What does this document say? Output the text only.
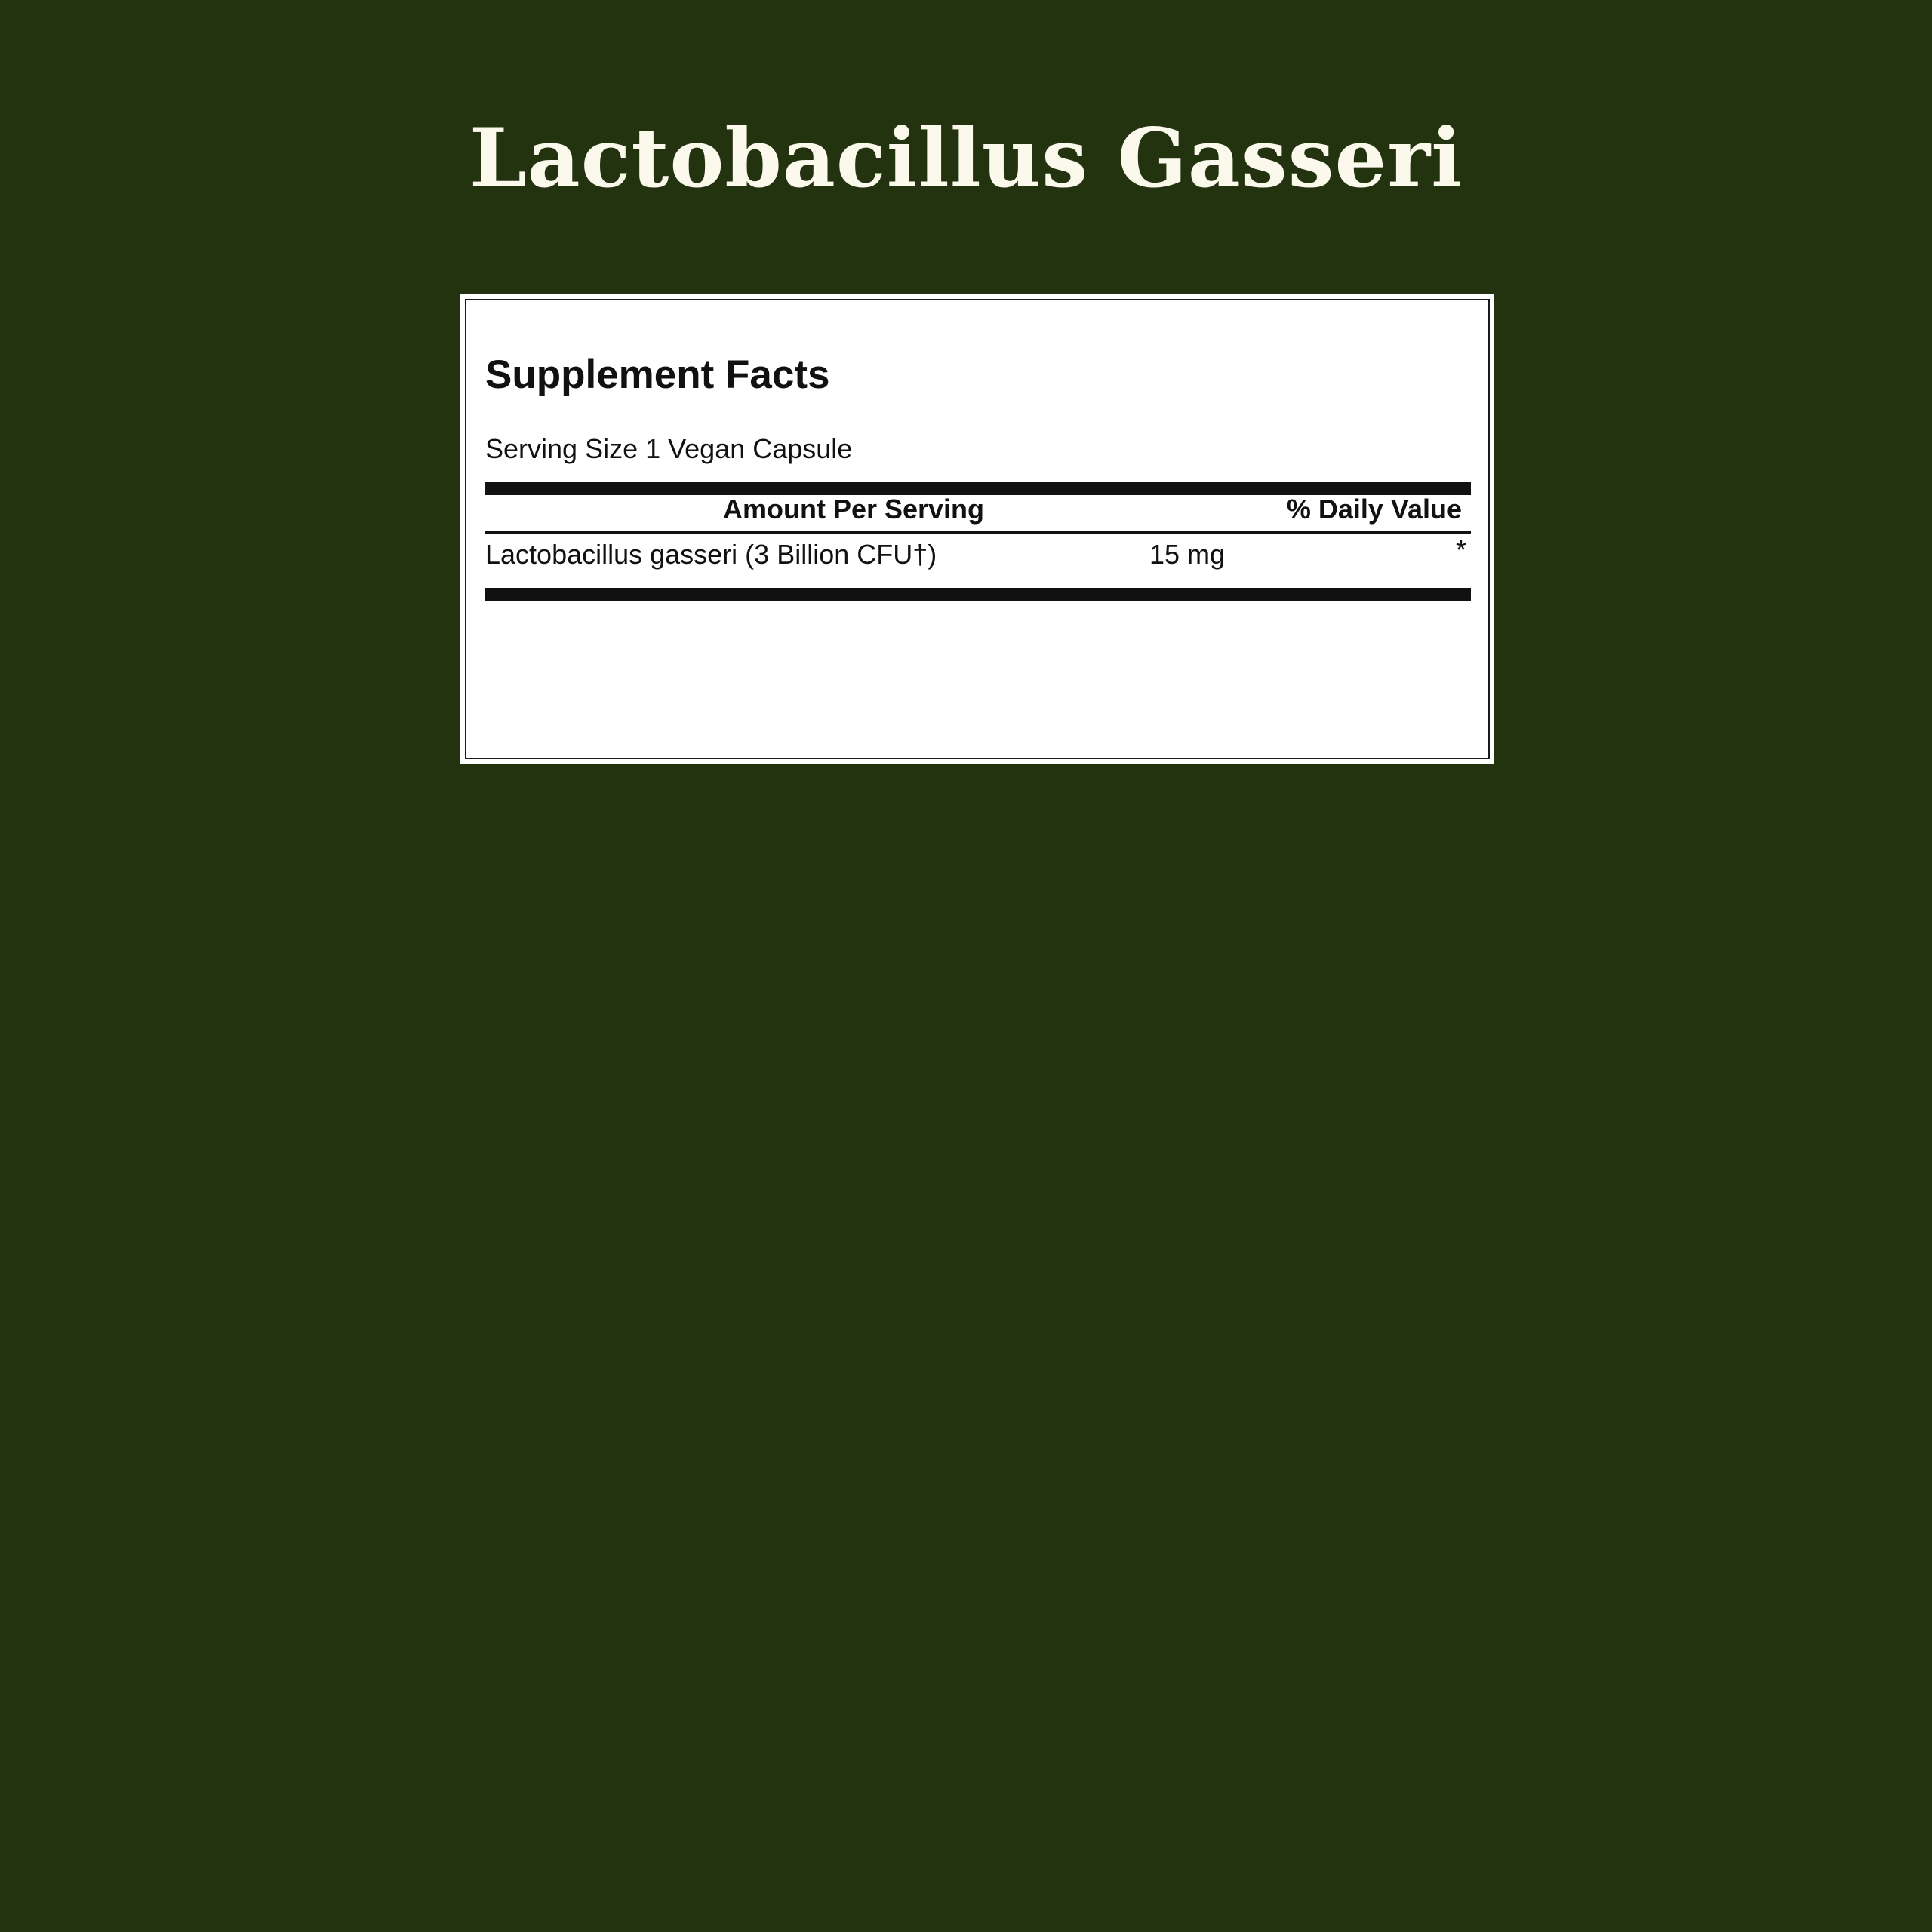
Lactobacillus Gasseri
Supplement Facts
Serving Size 1 Vegan Capsule
Amount Per Serving	% Daily Value
Lactobacillus gasseri (3 Billion CFU†)	15 mg	*
